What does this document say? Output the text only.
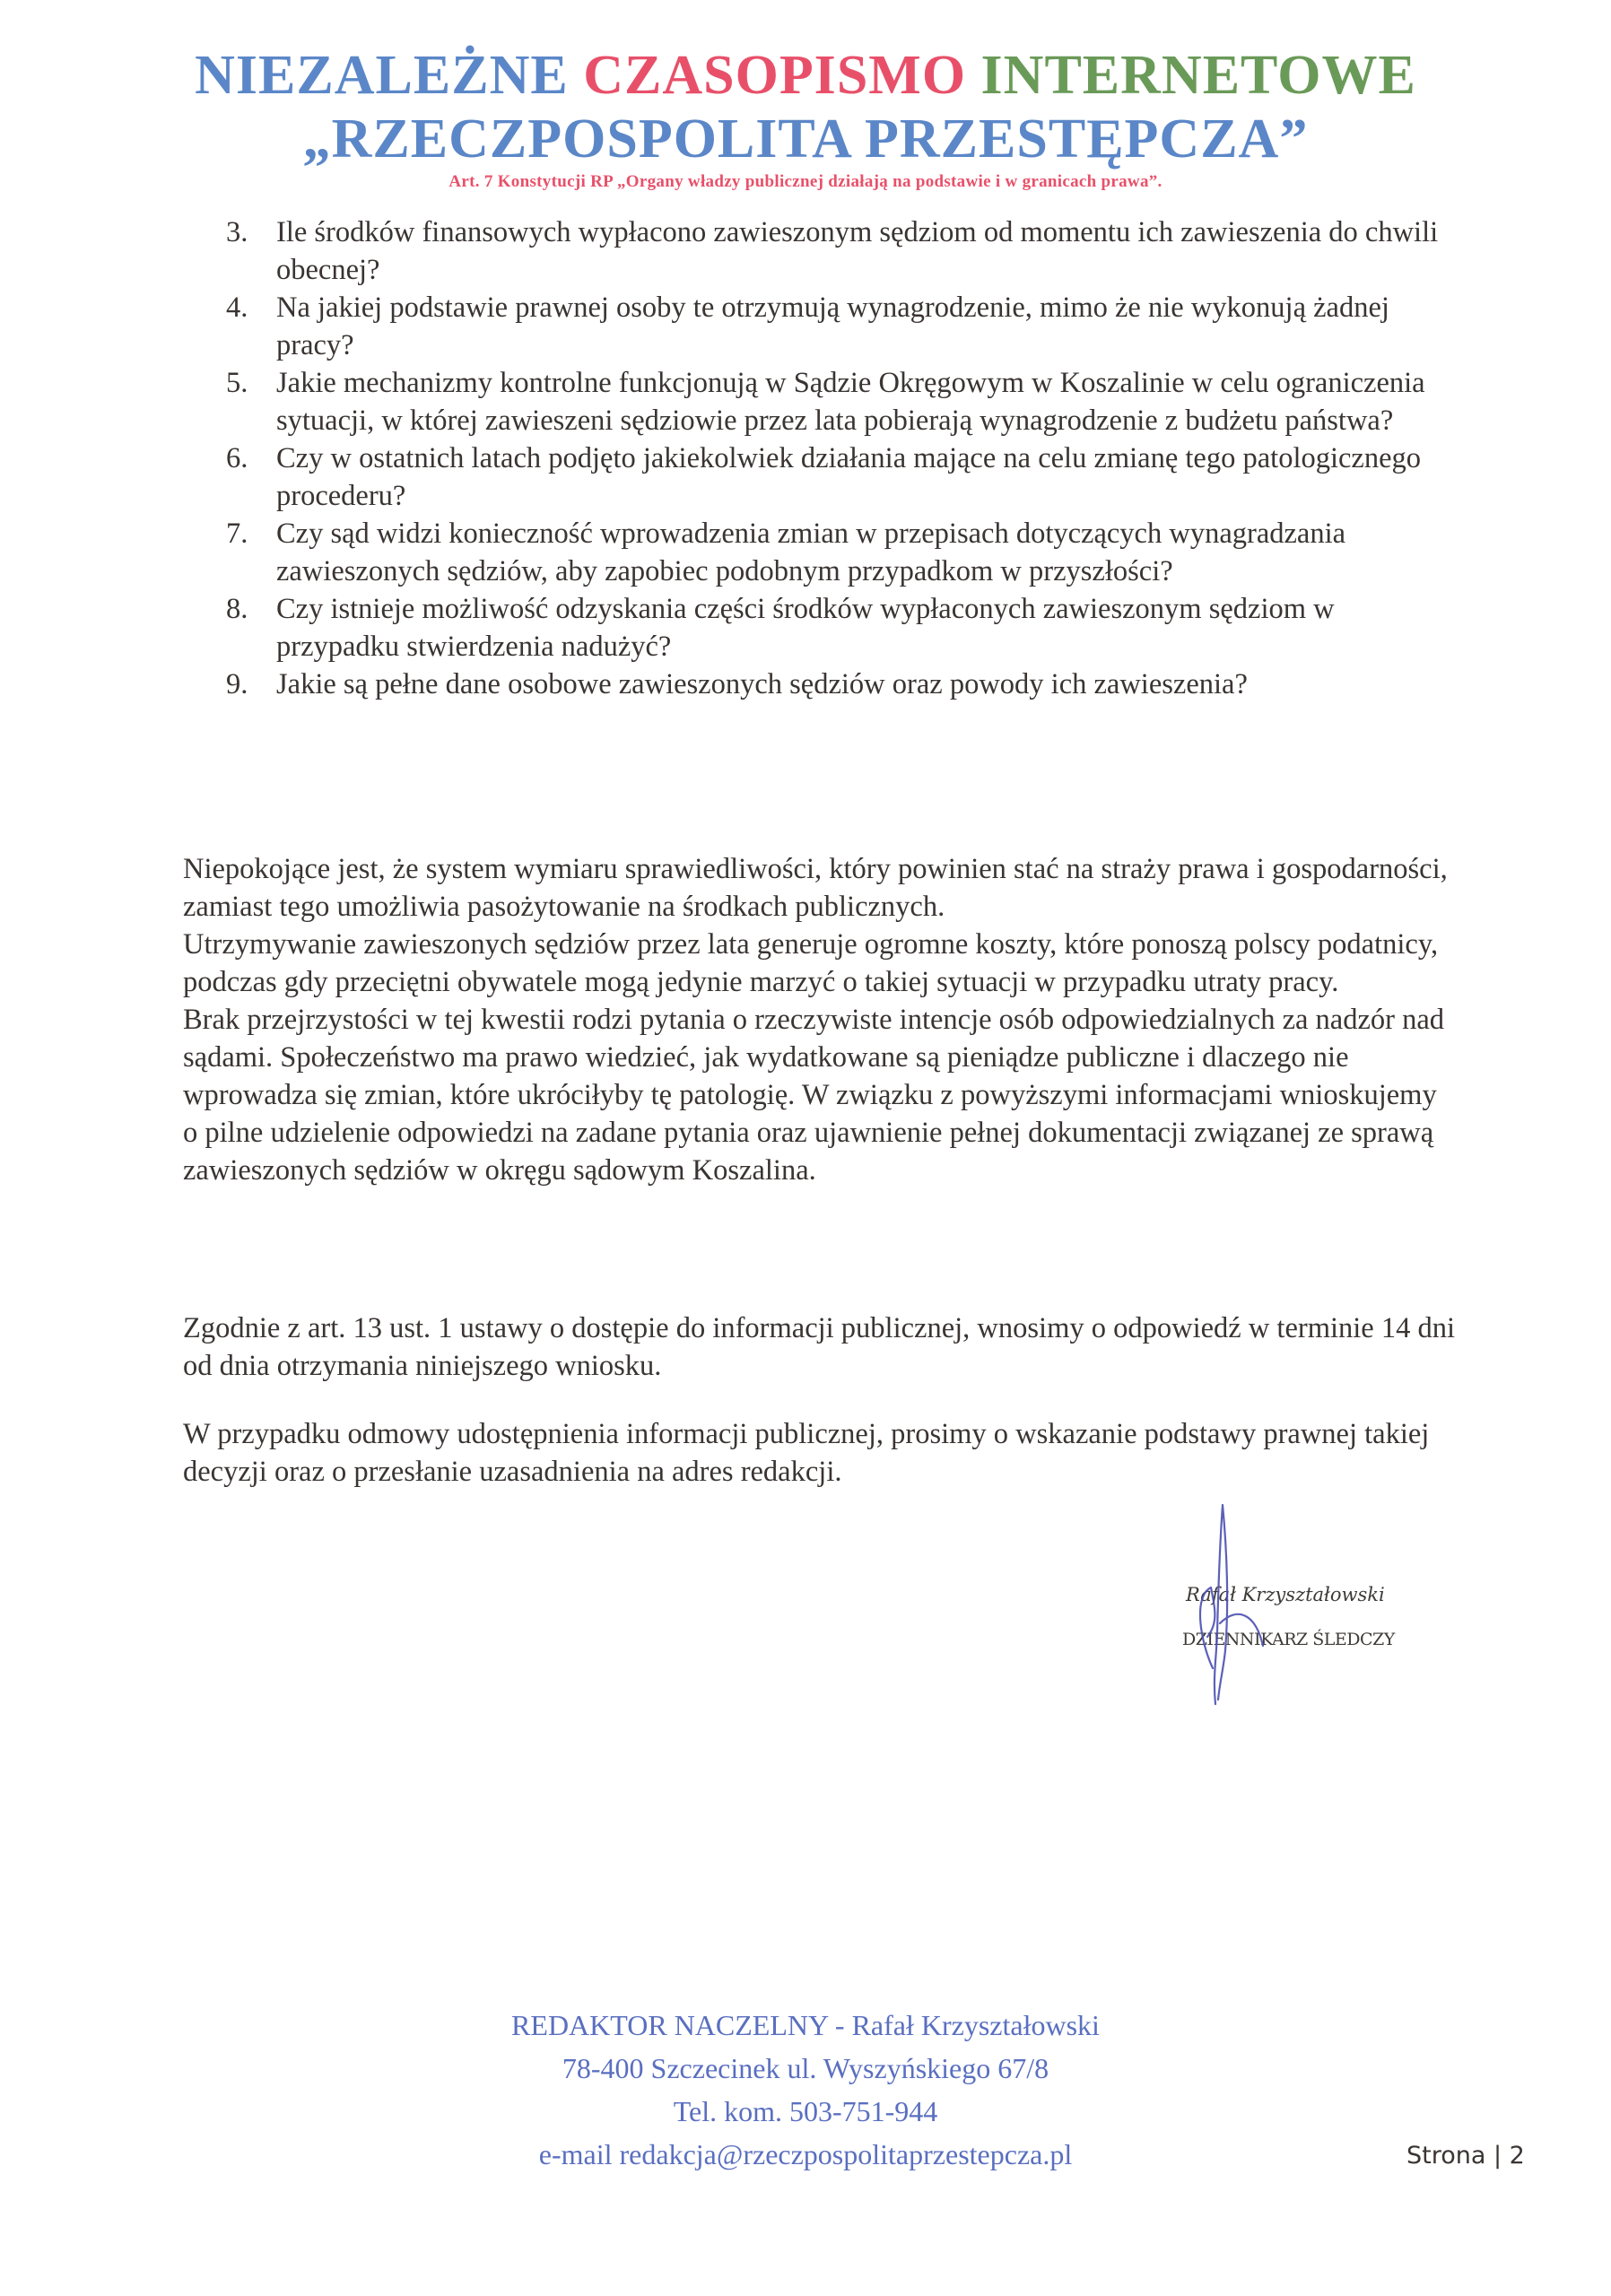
NIEZALEŻNE CZASOPISMO INTERNETOWE
„RZECZPOSPOLITA PRZESTĘPCZA”
Art. 7 Konstytucji RP „Organy władzy publicznej działają na podstawie i w granicach prawa”.
3. Ile środków finansowych wypłacono zawieszonym sędziom od momentu ich zawieszenia do chwili obecnej?
4. Na jakiej podstawie prawnej osoby te otrzymują wynagrodzenie, mimo że nie wykonują żadnej pracy?
5. Jakie mechanizmy kontrolne funkcjonują w Sądzie Okręgowym w Koszalinie w celu ograniczenia sytuacji, w której zawieszeni sędziowie przez lata pobierają wynagrodzenie z budżetu państwa?
6. Czy w ostatnich latach podjęto jakiekolwiek działania mające na celu zmianę tego patologicznego procederu?
7. Czy sąd widzi konieczność wprowadzenia zmian w przepisach dotyczących wynagradzania zawieszonych sędziów, aby zapobiec podobnym przypadkom w przyszłości?
8. Czy istnieje możliwość odzyskania części środków wypłaconych zawieszonym sędziom w przypadku stwierdzenia nadużyć?
9. Jakie są pełne dane osobowe zawieszonych sędziów oraz powody ich zawieszenia?

Niepokojące jest, że system wymiaru sprawiedliwości, który powinien stać na straży prawa i gospodarności, zamiast tego umożliwia pasożytowanie na środkach publicznych.

Utrzymywanie zawieszonych sędziów przez lata generuje ogromne koszty, które ponoszą polscy podatnicy, podczas gdy przeciętni obywatele mogą jedynie marzyć o takiej sytuacji w przypadku utraty pracy.

Brak przejrzystości w tej kwestii rodzi pytania o rzeczywiste intencje osób odpowiedzialnych za nadzór nad sądami. Społeczeństwo ma prawo wiedzieć, jak wydatkowane są pieniądze publiczne i dlaczego nie wprowadza się zmian, które ukróciłyby tę patologię. W związku z powyższymi informacjami wnioskujemy o pilne udzielenie odpowiedzi na zadane pytania oraz ujawnienie pełnej dokumentacji związanej ze sprawą zawieszonych sędziów w okręgu sądowym Koszalina.

Zgodnie z art. 13 ust. 1 ustawy o dostępie do informacji publicznej, wnosimy o odpowiedź w terminie 14 dni od dnia otrzymania niniejszego wniosku.

W przypadku odmowy udostępnienia informacji publicznej, prosimy o wskazanie podstawy prawnej takiej decyzji oraz o przesłanie uzasadnienia na adres redakcji.

Rafał Krzyształowski
DZIENNIKARZ ŚLEDCZY
REDAKTOR NACZELNY - Rafał Krzyształowski
78-400 Szczecinek ul. Wyszyńskiego 67/8
Tel. kom. 503-751-944
e-mail redakcja@rzeczpospolitaprzestepcza.pl	Strona | 2
